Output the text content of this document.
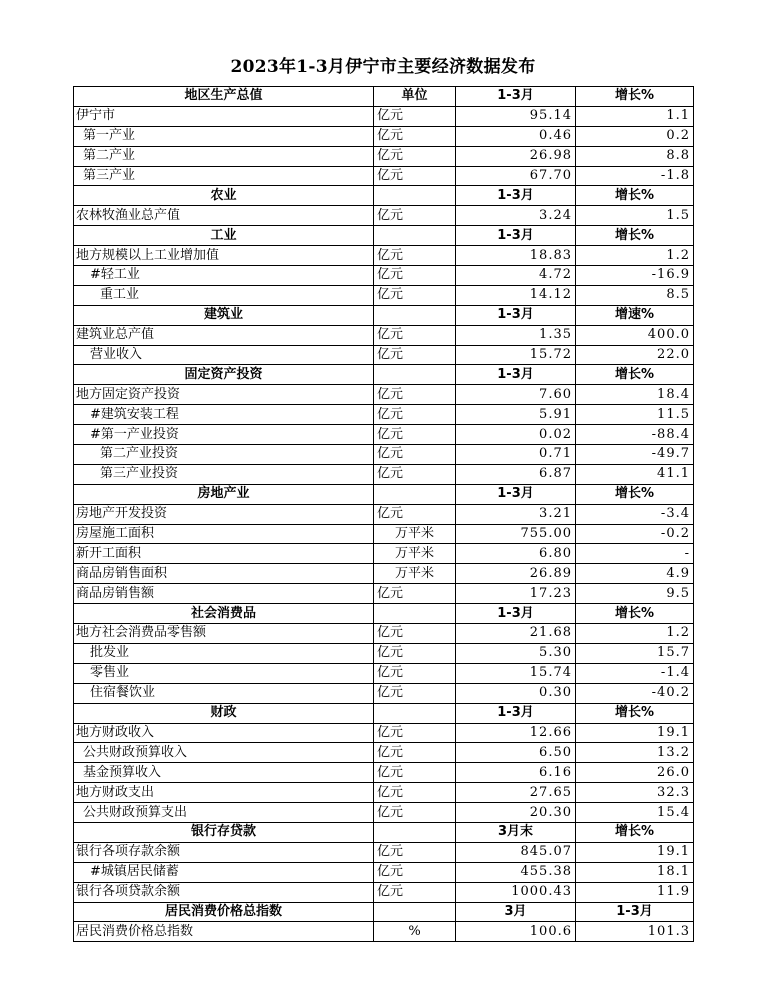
2023年1-3月伊宁市主要经济数据发布
地区生产总值	单位	1-3月	增长%
伊宁市	亿元	95.14	1.1
第一产业	亿元	0.46	0.2
第二产业	亿元	26.98	8.8
第三产业	亿元	67.70	-1.8
农业		1-3月	增长%
农林牧渔业总产值	亿元	3.24	1.5
工业		1-3月	增长%
地方规模以上工业增加值	亿元	18.83	1.2
#轻工业	亿元	4.72	-16.9
重工业	亿元	14.12	8.5
建筑业		1-3月	增速%
建筑业总产值	亿元	1.35	400.0
营业收入	亿元	15.72	22.0
固定资产投资		1-3月	增长%
地方固定资产投资	亿元	7.60	18.4
#建筑安装工程	亿元	5.91	11.5
#第一产业投资	亿元	0.02	-88.4
第二产业投资	亿元	0.71	-49.7
第三产业投资	亿元	6.87	41.1
房地产业		1-3月	增长%
房地产开发投资	亿元	3.21	-3.4
房屋施工面积	万平米	755.00	-0.2
新开工面积	万平米	6.80	-
商品房销售面积	万平米	26.89	4.9
商品房销售额	亿元	17.23	9.5
社会消费品		1-3月	增长%
地方社会消费品零售额	亿元	21.68	1.2
批发业	亿元	5.30	15.7
零售业	亿元	15.74	-1.4
住宿餐饮业	亿元	0.30	-40.2
财政		1-3月	增长%
地方财政收入	亿元	12.66	19.1
公共财政预算收入	亿元	6.50	13.2
基金预算收入	亿元	6.16	26.0
地方财政支出	亿元	27.65	32.3
公共财政预算支出	亿元	20.30	15.4
银行存贷款		3月末	增长%
银行各项存款余额	亿元	845.07	19.1
#城镇居民储蓄	亿元	455.38	18.1
银行各项贷款余额	亿元	1000.43	11.9
居民消费价格总指数		3月	1-3月
居民消费价格总指数	%	100.6	101.3
